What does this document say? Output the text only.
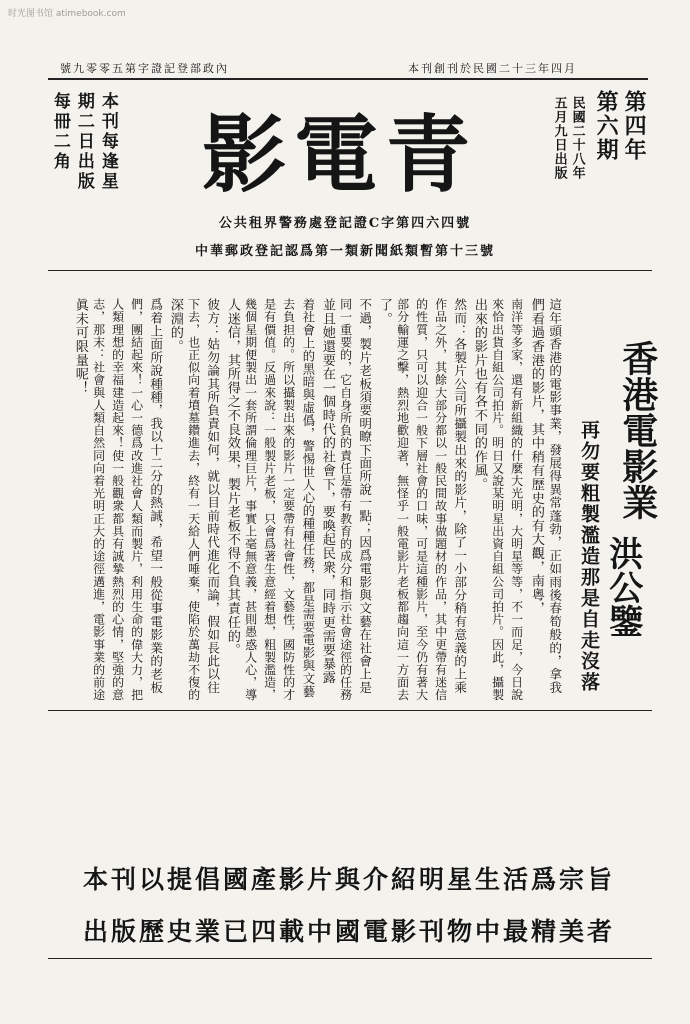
时光图书馆 atimebook.com
號九零零五第字證記登部政內	本刊創刊於民國二十三年四月
本刊每逢星
期二日出版
每冊二角	影電青	第四年
第六期
民國二十八年
五月九日出版
公共租界警務處登記證C字第四六四號
中華郵政登記認爲第一類新聞紙類暫第十三號
香港電影業
再勿要粗製濫造那是自走沒落 洪公鑒
這年頭香港的電影事業，發展得異常蓬勃，正如雨後春筍般的，拿我
們看過香港的影片，其中稍有歷史的有大觀，南粵，
南洋等多家，還有新組織的什麼大光明，大明星等等，不一而足，今日說
來恰出貨自組公司拍片。明日又說某明星出資自組公司拍片。因此，攝製
出來的影片也有各不同的作風。
然而：各製片公司所攝製出來的影片，除了一小部分稍有意義的上乘
作品之外，其餘大部分都以一般民間故事做題材的作品，其中更帶有迷信
的性質，只可以迎合一般下層社會的口味，可是這種影片，至今仍有著大
部分輸運之擊，熱烈地歡迎著，無怪乎一般電影片老板都趨向這一方面去
了。
不過，製片老板須要明瞭下面所說一點；因爲電影與文藝在社會上是
同一重要的，它自身所負的責任是帶有教育的成分和指示社會途徑的任務
並且她還要在一個時代的社會下，要喚起民衆，同時更需要暴露
着社會上的黑暗與虛僞，警惕世人心的種種任務，都是需要電影與文藝
去負担的。所以攝製出來的影片一定要帶有社會性，文藝性，國防性的才
是有價值。反過來說：一般製片老板，只會爲著生意經着想，粗製濫造，
幾個星期便製出一套所謂倫理巨片，事實上毫無意義，甚則愚惑人心，導
人迷信，其所得之不良效果，製片老板不得不負其責任的。
彼方：姑勿論其所負責如何，就以目前時代進化而論，假如長此以往
下去，也正似向着墳墓鑽進去，終有一天給人們唾棄，使陷於萬劫不復的
深淵的。
爲着上面所說種種，我以十二分的熱誠，希望一般從事電影業的老板
們，團結起來！一心一德爲改進社會人類而製片，利用生命的偉大力，把
人類理想的幸福建造起來！使一般觀衆都具有誠摯熱烈的心情，堅強的意
志，那末：社會與人類自然同向着光明正大的途徑邁進，電影事業的前途
眞未可限量呢！
本刊以提倡國產影片與介紹明星生活爲宗旨
出版歷史業已四載中國電影刊物中最精美者
